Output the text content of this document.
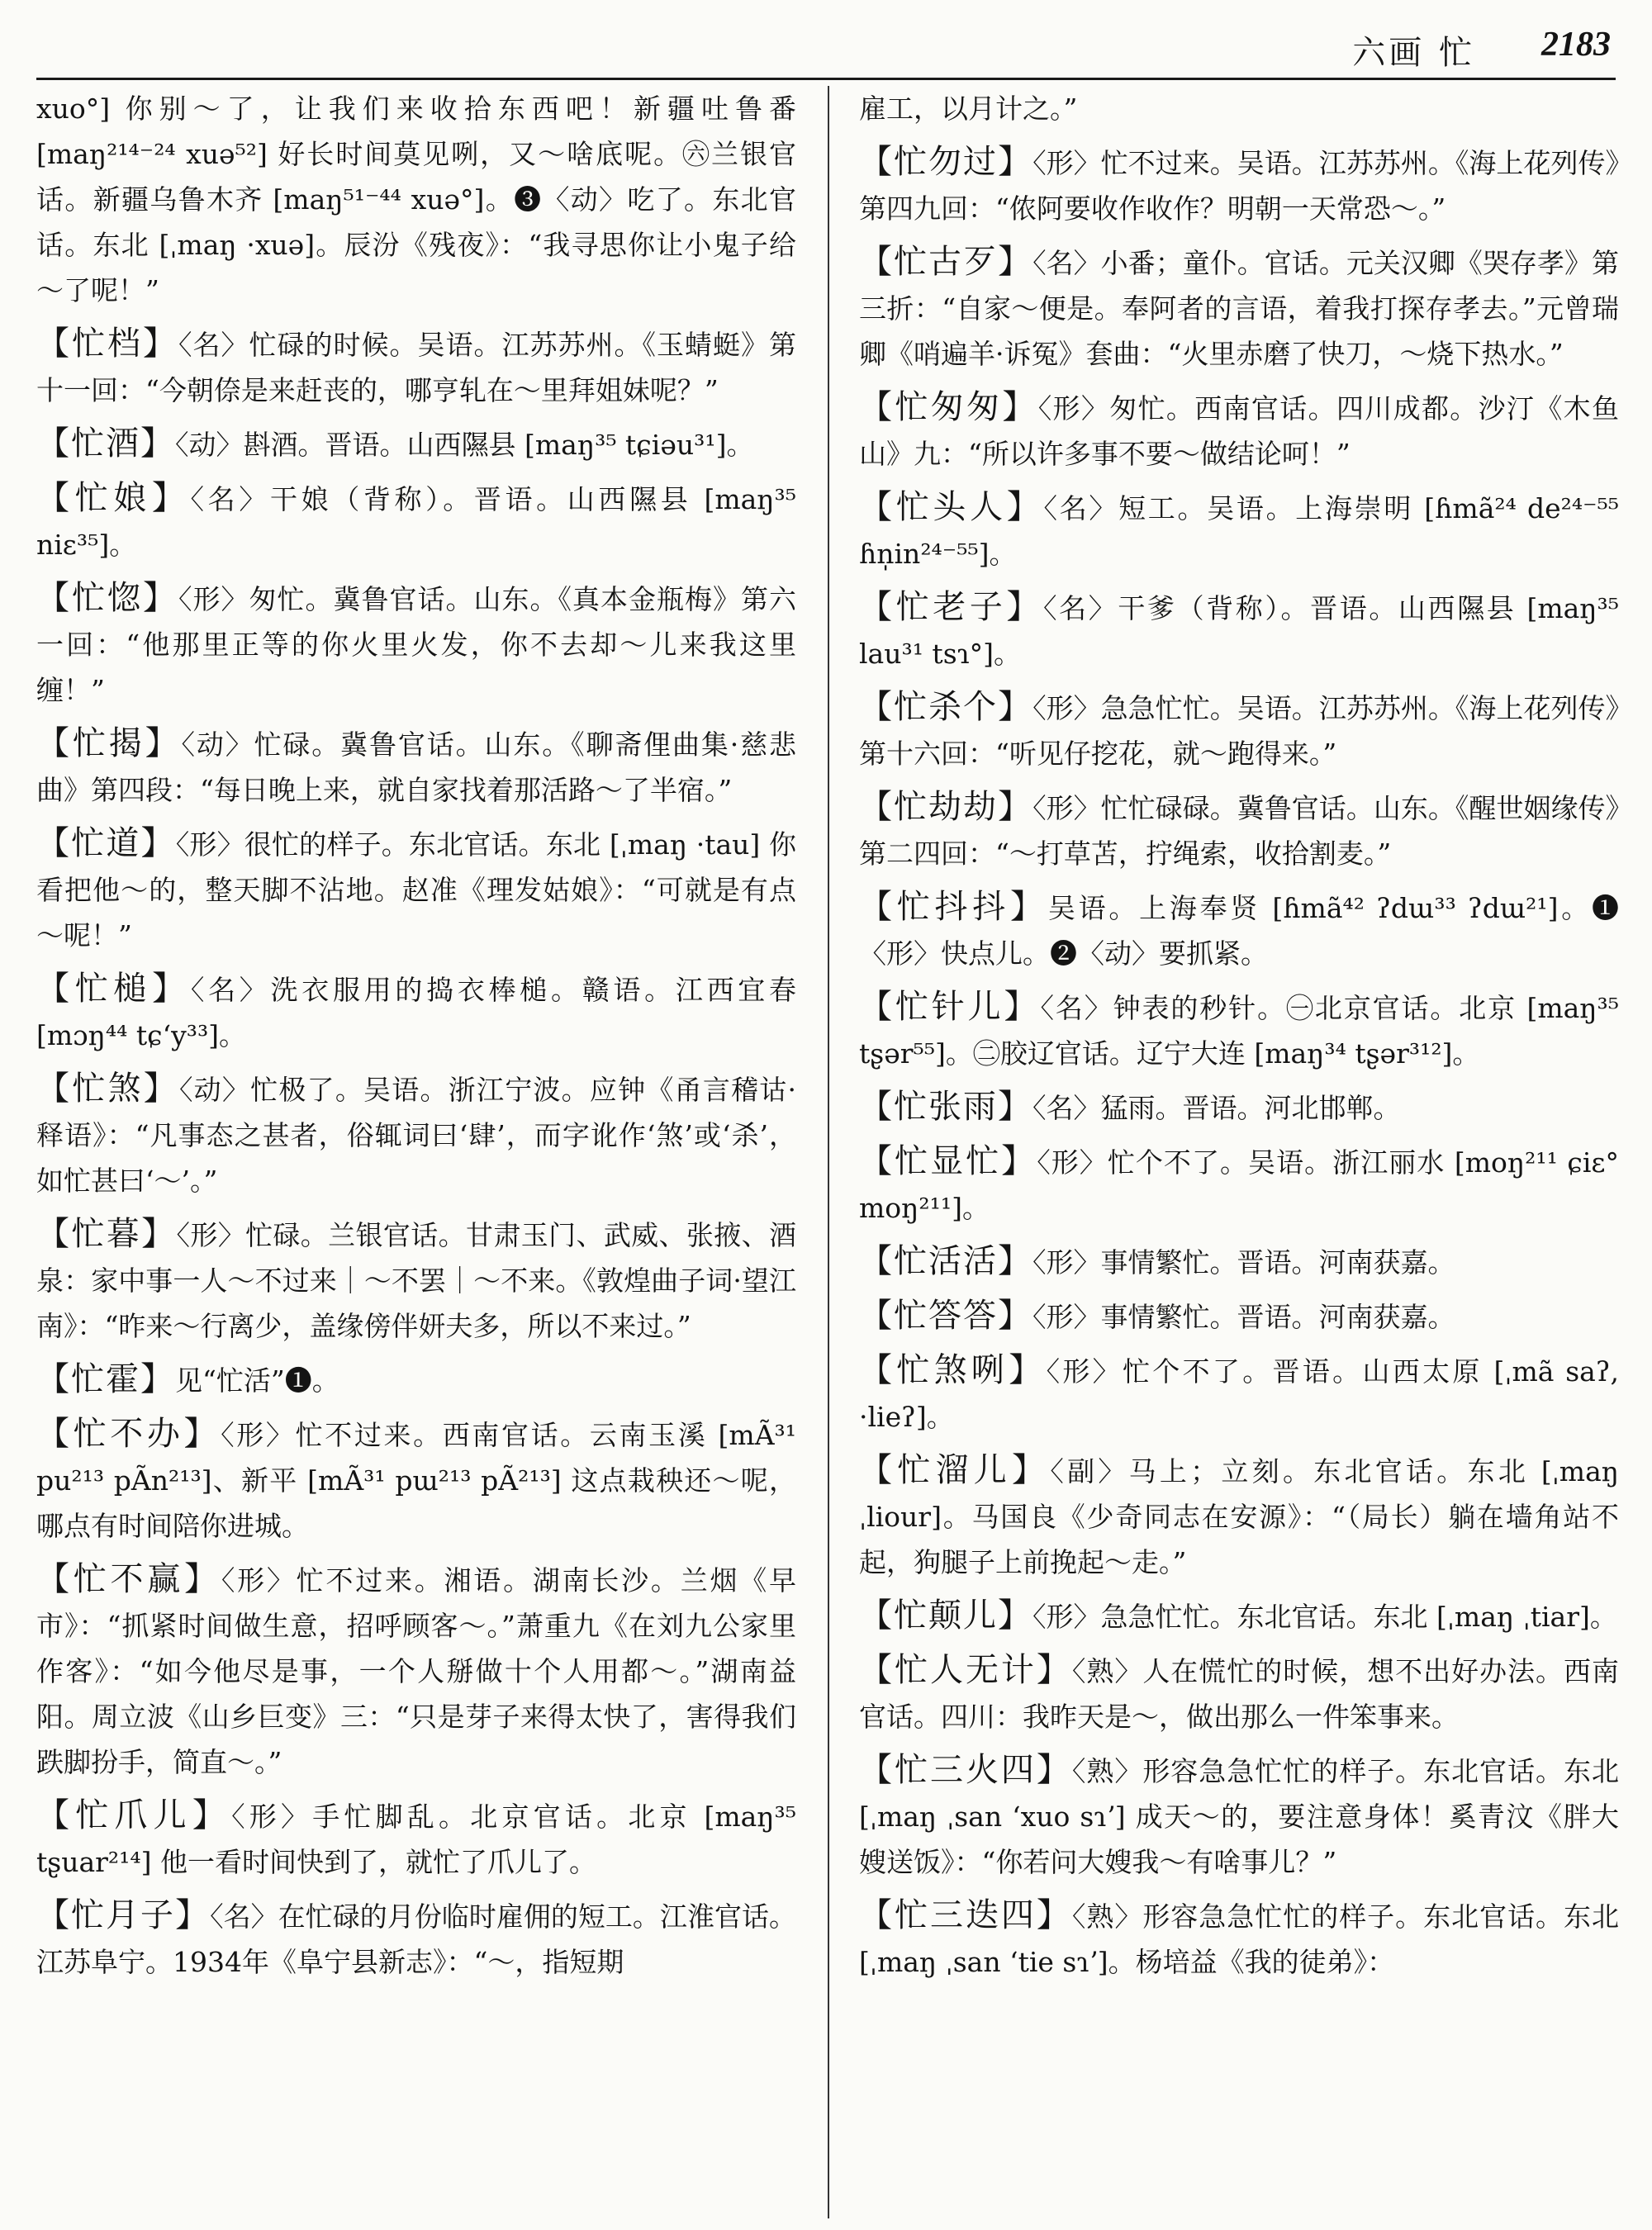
六画 忙 2183
xuo°] 你别～了，让我们来收拾东西吧！新疆吐鲁番 [maŋ²¹⁴⁻²⁴ xuə⁵²] 好长时间莫见咧，又～啥底呢。㊅兰银官话。新疆乌鲁木齐 [maŋ⁵¹⁻⁴⁴ xuə°]。❸〈动〉吃了。东北官话。东北 [ˌmaŋ ·xuə]。辰汾《残夜》：“我寻思你让小鬼子给～了呢！”
【忙档】〈名〉忙碌的时候。吴语。江苏苏州。《玉蜻蜓》第十一回：“今朝倷是来赶丧的，哪亨轧在～里拜姐妹呢？”
【忙酒】〈动〉斟酒。晋语。山西隰县 [maŋ³⁵ tɕiəu³¹]。
【忙娘】〈名〉干娘（背称）。晋语。山西隰县 [maŋ³⁵ niɛ³⁵]。
【忙惚】〈形〉匆忙。冀鲁官话。山东。《真本金瓶梅》第六一回：“他那里正等的你火里火发，你不去却～儿来我这里缠！”
【忙揭】〈动〉忙碌。冀鲁官话。山东。《聊斋俚曲集·慈悲曲》第四段：“每日晚上来，就自家找着那活路～了半宿。”
【忙道】〈形〉很忙的样子。东北官话。东北 [ˌmaŋ ·tau] 你看把他～的，整天脚不沾地。赵准《理发姑娘》：“可就是有点～呢！”
【忙槌】〈名〉洗衣服用的捣衣棒槌。赣语。江西宜春 [mɔŋ⁴⁴ tɕʻy³³]。
【忙煞】〈动〉忙极了。吴语。浙江宁波。应钟《甬言稽诂·释语》：“凡事态之甚者，俗辄词曰‘肆’，而字讹作‘煞’或‘杀’，如忙甚曰‘～’。”
【忙暮】〈形〉忙碌。兰银官话。甘肃玉门、武威、张掖、酒泉：家中事一人～不过来｜～不罢｜～不来。《敦煌曲子词·望江南》：“昨来～行离少，盖缘傍伴妍夫多，所以不来过。”
【忙霍】见“忙活”❶。
【忙不办】〈形〉忙不过来。西南官话。云南玉溪 [mÃ³¹ pu²¹³ pÃn²¹³]、新平 [mÃ³¹ pɯ²¹³ pÃ²¹³] 这点栽秧还～呢，哪点有时间陪你进城。
【忙不赢】〈形〉忙不过来。湘语。湖南长沙。兰烟《早市》：“抓紧时间做生意，招呼顾客～。”萧重九《在刘九公家里作客》：“如今他尽是事，一个人掰做十个人用都～。”湖南益阳。周立波《山乡巨变》三：“只是芽子来得太快了，害得我们跌脚扮手，简直～。”
【忙爪儿】〈形〉手忙脚乱。北京官话。北京 [maŋ³⁵ tʂuar²¹⁴] 他一看时间快到了，就忙了爪儿了。
【忙月子】〈名〉在忙碌的月份临时雇佣的短工。江淮官话。江苏阜宁。1934年《阜宁县新志》：“～，指短期
雇工，以月计之。”
【忙勿过】〈形〉忙不过来。吴语。江苏苏州。《海上花列传》第四九回：“侬阿要收作收作？明朝一天常恐～。”
【忙古歹】〈名〉小番；童仆。官话。元关汉卿《哭存孝》第三折：“自家～便是。奉阿者的言语，着我打探存孝去。”元曾瑞卿《哨遍羊·诉冤》套曲：“火里赤磨了快刀，～烧下热水。”
【忙匆匆】〈形〉匆忙。西南官话。四川成都。沙汀《木鱼山》九：“所以许多事不要～做结论呵！”
【忙头人】〈名〉短工。吴语。上海崇明 [ɦmã²⁴ de²⁴⁻⁵⁵ ɦn̩in²⁴⁻⁵⁵]。
【忙老子】〈名〉干爹（背称）。晋语。山西隰县 [maŋ³⁵ lau³¹ tsɿ°]。
【忙杀个】〈形〉急急忙忙。吴语。江苏苏州。《海上花列传》第十六回：“听见仔挖花，就～跑得来。”
【忙劫劫】〈形〉忙忙碌碌。冀鲁官话。山东。《醒世姻缘传》第二四回：“～打草苫，拧绳索，收拾割麦。”
【忙抖抖】吴语。上海奉贤 [ɦmã⁴² ʔdɯ³³ ʔdɯ²¹]。❶〈形〉快点儿。❷〈动〉要抓紧。
【忙针儿】〈名〉钟表的秒针。㊀北京官话。北京 [maŋ³⁵ tʂər⁵⁵]。㊁胶辽官话。辽宁大连 [maŋ³⁴ tʂər³¹²]。
【忙张雨】〈名〉猛雨。晋语。河北邯郸。
【忙显忙】〈形〉忙个不了。吴语。浙江丽水 [moŋ²¹¹ ɕiɛ° moŋ²¹¹]。
【忙活活】〈形〉事情繁忙。晋语。河南获嘉。
【忙答答】〈形〉事情繁忙。晋语。河南获嘉。
【忙煞咧】〈形〉忙个不了。晋语。山西太原 [ˌmã saʔ, ·lieʔ]。
【忙溜儿】〈副〉马上；立刻。东北官话。东北 [ˌmaŋ ˌliour]。马国良《少奇同志在安源》：“（局长）躺在墙角站不起，狗腿子上前挽起～走。”
【忙颠儿】〈形〉急急忙忙。东北官话。东北 [ˌmaŋ ˌtiar]。
【忙人无计】〈熟〉人在慌忙的时候，想不出好办法。西南官话。四川：我昨天是～，做出那么一件笨事来。
【忙三火四】〈熟〉形容急急忙忙的样子。东北官话。东北 [ˌmaŋ ˌsan ʻxuo sɿʼ] 成天～的，要注意身体！奚青汶《胖大嫂送饭》：“你若问大嫂我～有啥事儿？”
【忙三迭四】〈熟〉形容急急忙忙的样子。东北官话。东北 [ˌmaŋ ˌsan ʻtie sɿʼ]。杨培益《我的徒弟》：
